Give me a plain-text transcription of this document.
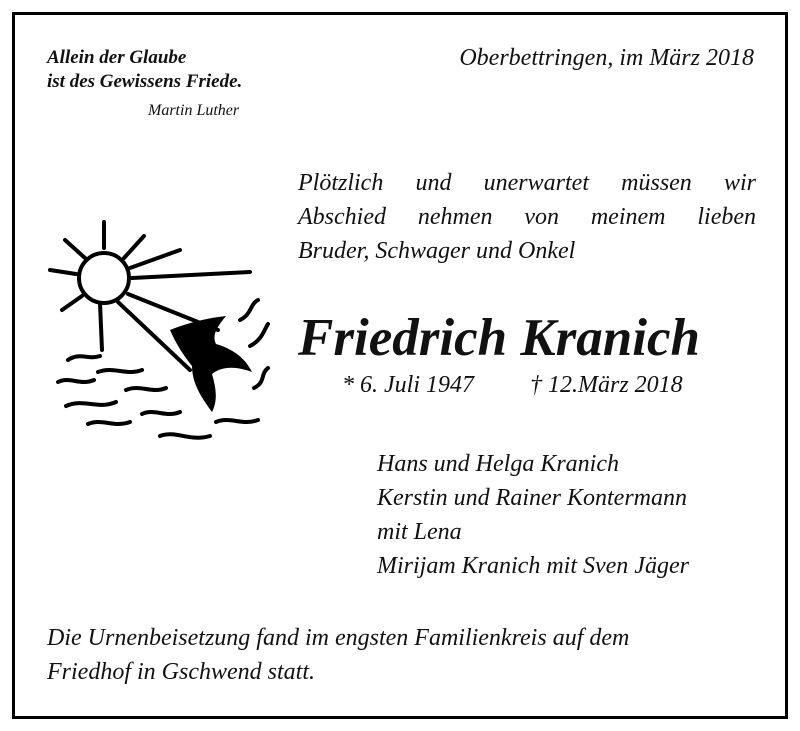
Allein der Glaube
ist des Gewissens Friede.
Martin Luther
Oberbettringen, im März 2018
Plötzlich und unerwartet müssen wir
Abschied nehmen von meinem lieben
Bruder, Schwager und Onkel
Friedrich Kranich
* 6. Juli 1947 † 12.März 2018
Hans und Helga Kranich
Kerstin und Rainer Kontermann
mit Lena
Mirijam Kranich mit Sven Jäger
Die Urnenbeisetzung fand im engsten Familienkreis auf dem
Friedhof in Gschwend statt.
